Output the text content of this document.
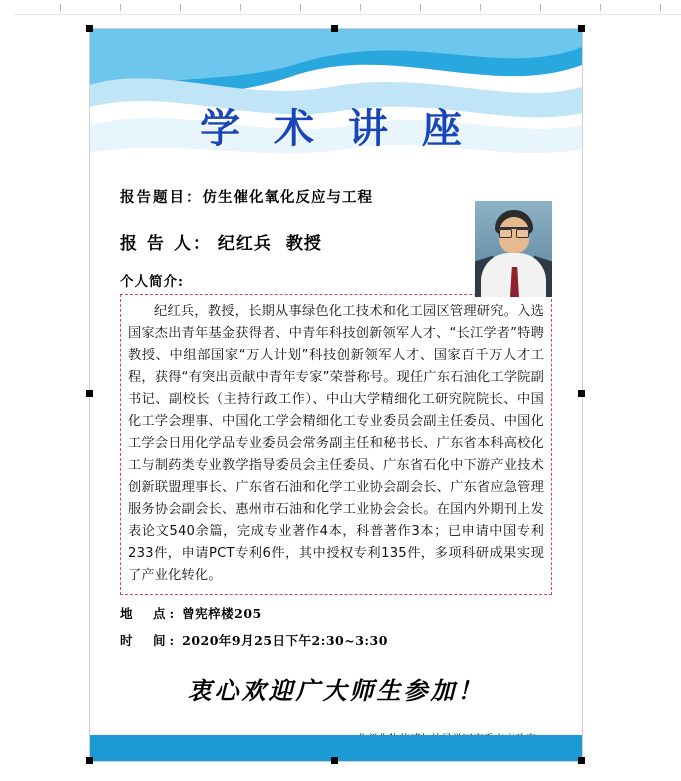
学 术 讲 座
报告题目： 仿生催化氧化反应与工程
报 告 人： 纪红兵 教授
个人简介:

纪红兵，教授，长期从事绿色化工技术和化工园区管理研究。入选国家杰出青年基金获得者、中青年科技创新领军人才、“长江学者”特聘教授、中组部国家“万人计划”科技创新领军人才、国家百千万人才工程，获得“有突出贡献中青年专家”荣誉称号。现任广东石油化工学院副书记、副校长（主持行政工作）、中山大学精细化工研究院院长、中国化工学会理事、中国化工学会精细化工专业委员会副主任委员、中国化工学会日用化学品专业委员会常务副主任和秘书长、广东省本科高校化工与制药类专业教学指导委员会主任委员、广东省石化中下游产业技术创新联盟理事长、广东省石油和化学工业协会副会长、广东省应急管理服务协会副会长、惠州市石油和化学工业协会会长。在国内外期刊上发表论文540余篇，完成专业著作4本，科普著作3本；已申请中国专利233件，申请PCT专利6件，其中授权专利135件，多项科研成果实现了产业化转化。

地　点: 曾宪梓楼205
时　间: 2020年9月25日下午2:30~3:30
衷心欢迎广大师生参加！
